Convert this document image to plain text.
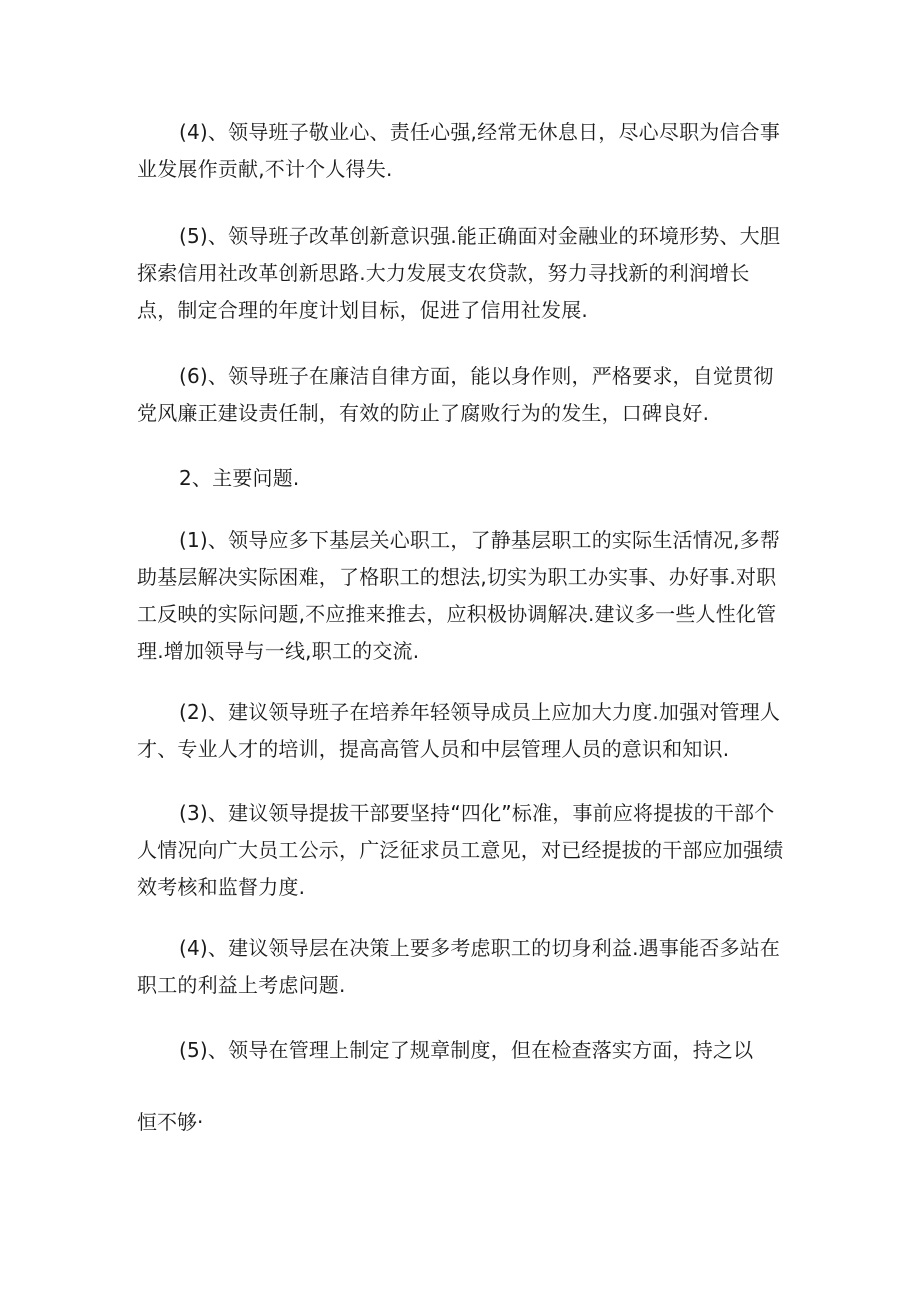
(4)、领导班子敬业心、责任心强,经常无休息日，尽心尽职为信合事业发展作贡献,不计个人得失.

(5)、领导班子改革创新意识强.能正确面对金融业的环境形势、大胆探索信用社改革创新思路.大力发展支农贷款，努力寻找新的利润增长点，制定合理的年度计划目标，促进了信用社发展.

(6)、领导班子在廉洁自律方面，能以身作则，严格要求，自觉贯彻党风廉正建设责任制，有效的防止了腐败行为的发生，口碑良好.

2、主要问题.

(1)、领导应多下基层关心职工，了静基层职工的实际生活情况,多帮助基层解决实际困难，了格职工的想法,切实为职工办实事、办好事.对职工反映的实际问题,不应推来推去，应积极协调解决.建议多一些人性化管理.增加领导与一线,职工的交流.

(2)、建议领导班子在培养年轻领导成员上应加大力度.加强对管理人才、专业人才的培训，提高高管人员和中层管理人员的意识和知识.

(3)、建议领导提拔干部要坚持“四化”标准，事前应将提拔的干部个人情况向广大员工公示，广泛征求员工意见，对已经提拔的干部应加强绩效考核和监督力度.

(4)、建议领导层在决策上要多考虑职工的切身利益.遇事能否多站在职工的利益上考虑问题.

(5)、领导在管理上制定了规章制度，但在检查落实方面，持之以

恒不够·
